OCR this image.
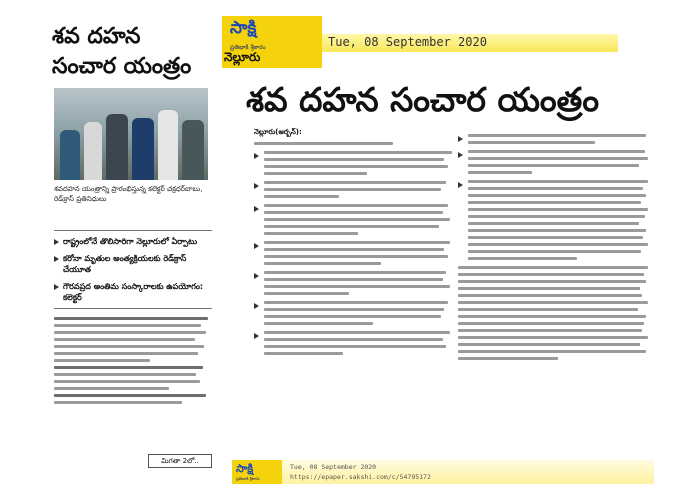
శవ దహన
సంచార యంత్రం
శవదహన యంత్రాన్ని ప్రారంభిస్తున్న కలెక్టర్ చక్రధర్‌బాబు, రెడ్‌క్రాస్ ప్రతినిధులు
రాష్ట్రంలోనే తొలిసారిగా నెల్లూరులో ఏర్పాటు
కరోనా మృతుల అంత్యక్రియలకు రెడ్‌క్రాస్ చేయూత
గౌరవప్రద అంతిమ సంస్కారాలకు ఉపయోగం: కలెక్టర్
మిగతా 2లో..
సాక్షి
ప్రతిభాకి శ్రీకారం
నెల్లూరు
Tue, 08 September 2020
శవ దహన సంచార యంత్రం
నెల్లూరు(అర్బన్):
సాక్షి
ప్రతిభాకి శ్రీకారం
Tue, 08 September 2020
https://epaper.sakshi.com/c/54795172
